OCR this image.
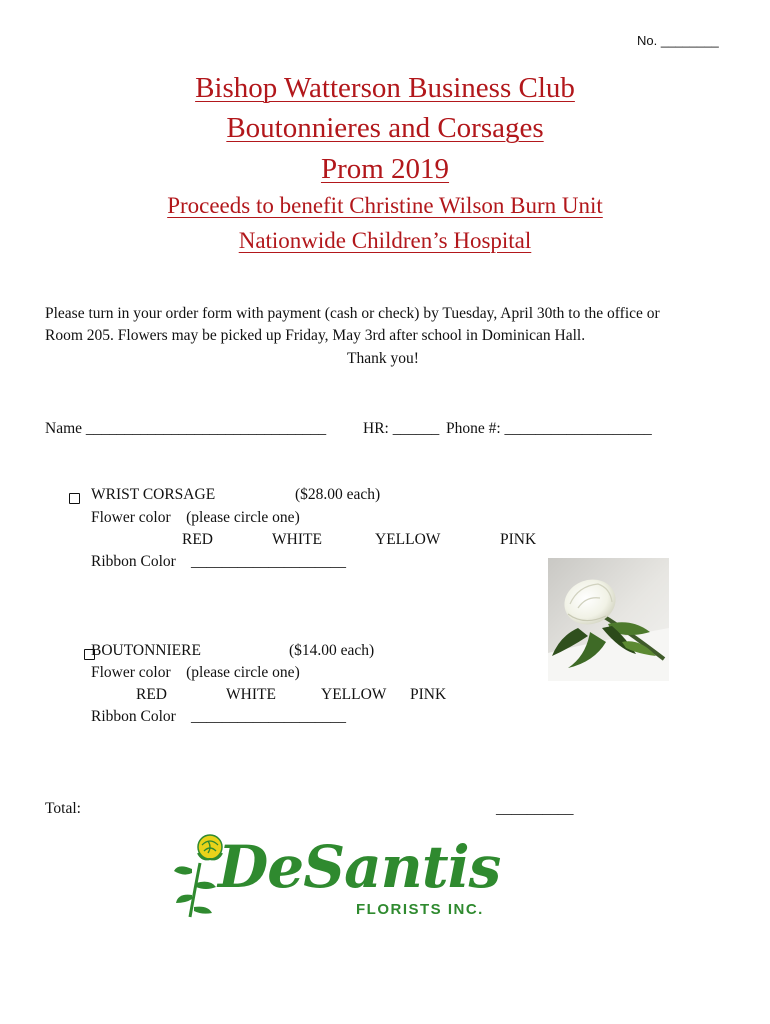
No. ________
Bishop Watterson Business Club
Boutonnieres and Corsages
Prom 2019
Proceeds to benefit Christine Wilson Burn Unit
Nationwide Children’s Hospital
Please turn in your order form with payment (cash or check) by Tuesday, April 30th to the office or
Room 205. Flowers may be picked up Friday, May 3rd after school in Dominican Hall.
Thank you!
Name _______________________________ HR: ______ Phone #: ___________________

WRIST CORSAGE	($28.00 each)
Flower color    (please circle one)
RED	WHITE	YELLOW	PINK
Ribbon Color ____________________
BOUTONNIERE	($14.00 each)
Flower color    (please circle one)
RED	WHITE	YELLOW PINK
Ribbon Color ____________________
Total:	__________
DeSantis
FLORISTS INC.
